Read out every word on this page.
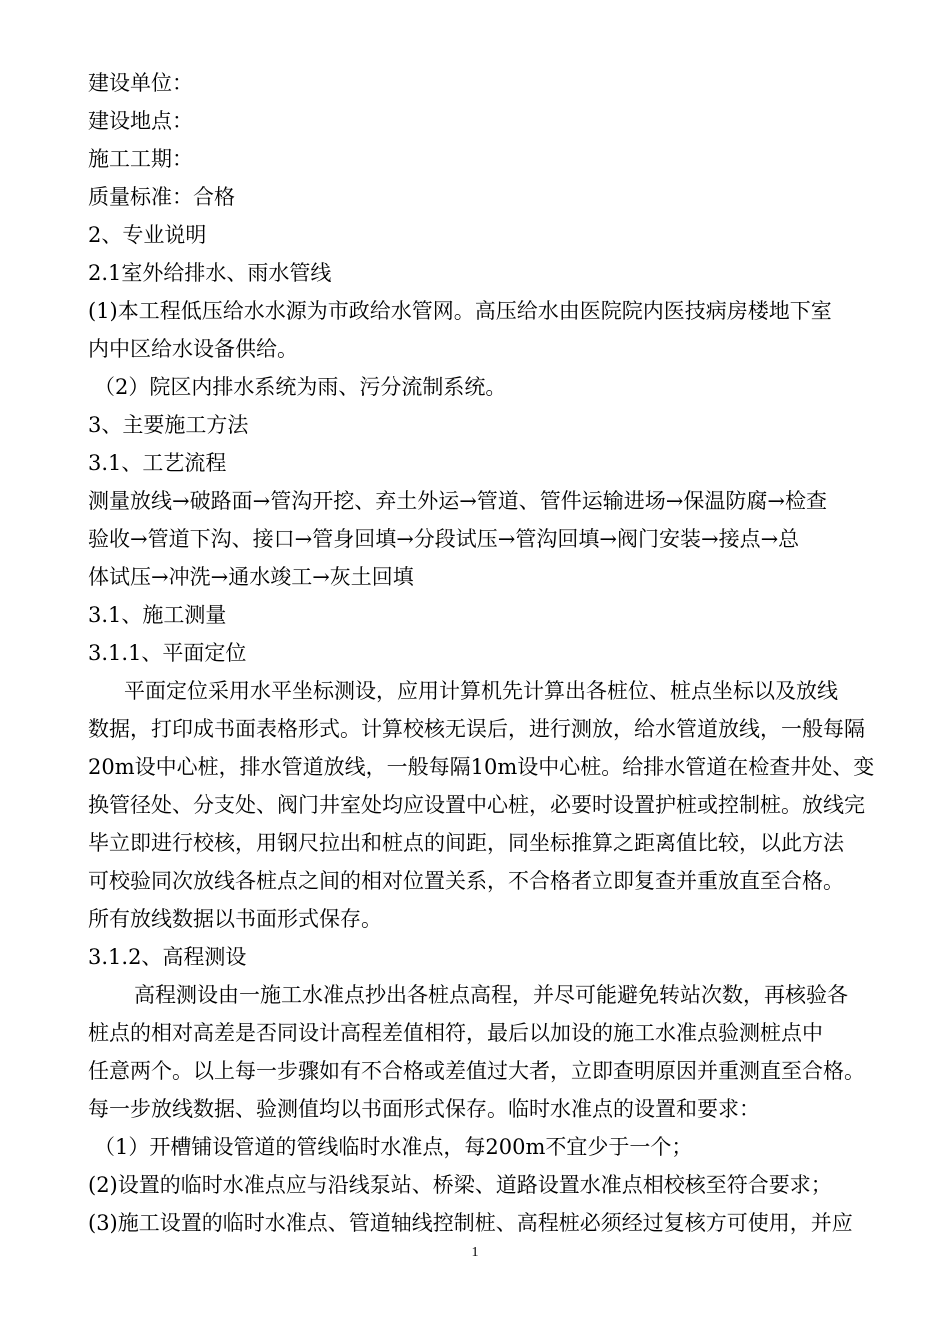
建设单位：
建设地点：
施工工期：
质量标准：合格
2、专业说明
2.1室外给排水、雨水管线
(1)本工程低压给水水源为市政给水管网。高压给水由医院院内医技病房楼地下室
内中区给水设备供给。
（2）院区内排水系统为雨、污分流制系统。
3、主要施工方法
3.1、工艺流程
测量放线→破路面→管沟开挖、弃土外运→管道、管件运输进场→保温防腐→检查
验收→管道下沟、接口→管身回填→分段试压→管沟回填→阀门安装→接点→总
体试压→冲洗→通水竣工→灰土回填
3.1、施工测量
3.1.1、平面定位
平面定位采用水平坐标测设，应用计算机先计算出各桩位、桩点坐标以及放线
数据，打印成书面表格形式。计算校核无误后，进行测放，给水管道放线，一般每隔
20m设中心桩，排水管道放线，一般每隔10m设中心桩。给排水管道在检查井处、变
换管径处、分支处、阀门井室处均应设置中心桩，必要时设置护桩或控制桩。放线完
毕立即进行校核，用钢尺拉出和桩点的间距，同坐标推算之距离值比较，以此方法
可校验同次放线各桩点之间的相对位置关系，不合格者立即复查并重放直至合格。
所有放线数据以书面形式保存。
3.1.2、高程测设
高程测设由一施工水准点抄出各桩点高程，并尽可能避免转站次数，再核验各
桩点的相对高差是否同设计高程差值相符，最后以加设的施工水准点验测桩点中
任意两个。以上每一步骤如有不合格或差值过大者，立即查明原因并重测直至合格。
每一步放线数据、验测值均以书面形式保存。临时水准点的设置和要求：
（1）开槽铺设管道的管线临时水准点，每200m不宜少于一个；
(2)设置的临时水准点应与沿线泵站、桥梁、道路设置水准点相校核至符合要求；
(3)施工设置的临时水准点、管道轴线控制桩、高程桩必须经过复核方可使用，并应
1
